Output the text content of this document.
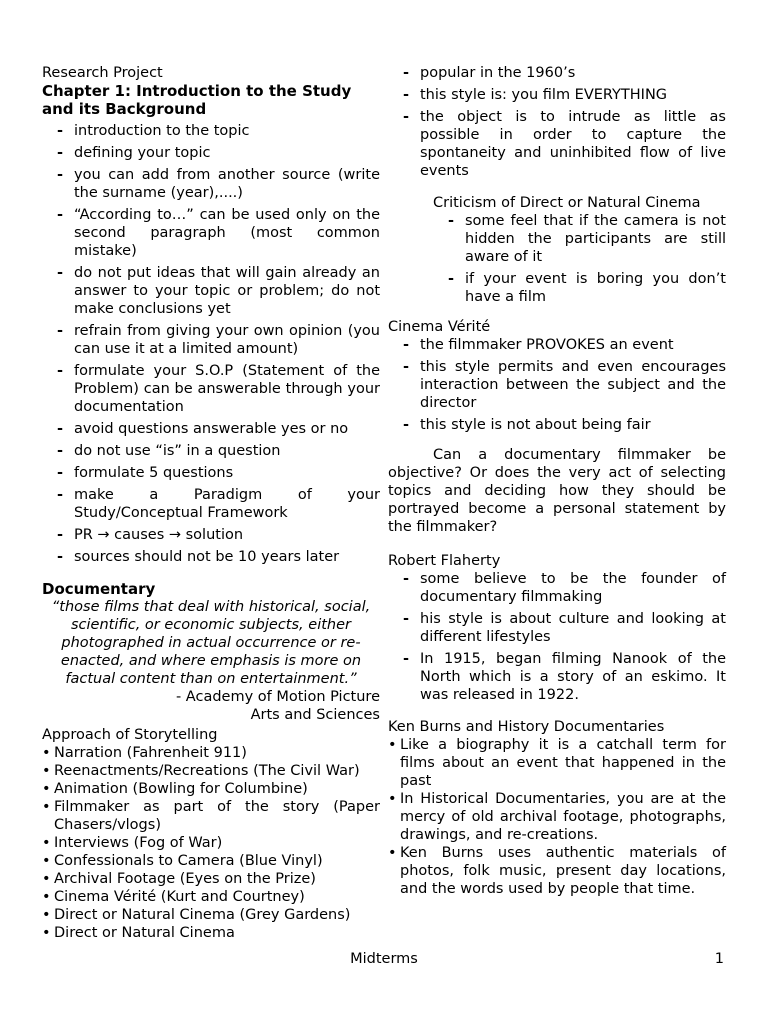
Research Project

Chapter 1: Introduction to the Study and its Background

- introduction to the topic
- defining your topic
- you can add from another source (write the surname (year),....)
- “According to…” can be used only on the second paragraph (most common mistake)
- do not put ideas that will gain already an answer to your topic or problem; do not make conclusions yet
- refrain from giving your own opinion (you can use it at a limited amount)
- formulate your S.O.P (Statement of the Problem) can be answerable through your documentation
- avoid questions answerable yes or no
- do not use “is” in a question
- formulate 5 questions
- make a Paradigm of your Study/Conceptual Framework
- PR → causes → solution
- sources should not be 10 years later

Documentary

“those films that deal with historical, social, scientific, or economic subjects, either photographed in actual occurrence or re-enacted, and where emphasis is more on factual content than on entertainment.”

- Academy of Motion Picture Arts and Sciences

Approach of Storytelling

• Narration (Fahrenheit 911)
• Reenactments/Recreations (The Civil War)
• Animation (Bowling for Columbine)
• Filmmaker as part of the story (Paper Chasers/vlogs)
• Interviews (Fog of War)
• Confessionals to Camera (Blue Vinyl)
• Archival Footage (Eyes on the Prize)
• Cinema Vérité (Kurt and Courtney)
• Direct or Natural Cinema (Grey Gardens)
• Direct or Natural Cinema
- popular in the 1960’s
- this style is: you film EVERYTHING
- the object is to intrude as little as possible in order to capture the spontaneity and uninhibited flow of live events

Criticism of Direct or Natural Cinema

- some feel that if the camera is not hidden the participants are still aware of it
- if your event is boring you don’t have a film

Cinema Vérité

- the filmmaker PROVOKES an event
- this style permits and even encourages interaction between the subject and the director
- this style is not about being fair

Can a documentary filmmaker be objective? Or does the very act of selecting topics and deciding how they should be portrayed become a personal statement by the filmmaker?

Robert Flaherty

- some believe to be the founder of documentary filmmaking
- his style is about culture and looking at different lifestyles
- In 1915, began filming Nanook of the North which is a story of an eskimo. It was released in 1922.

Ken Burns and History Documentaries

• Like a biography it is a catchall term for films about an event that happened in the past
• In Historical Documentaries, you are at the mercy of old archival footage, photographs, drawings, and re-creations.
• Ken Burns uses authentic materials of photos, folk music, present day locations, and the words used by people that time.
Midterms	1
